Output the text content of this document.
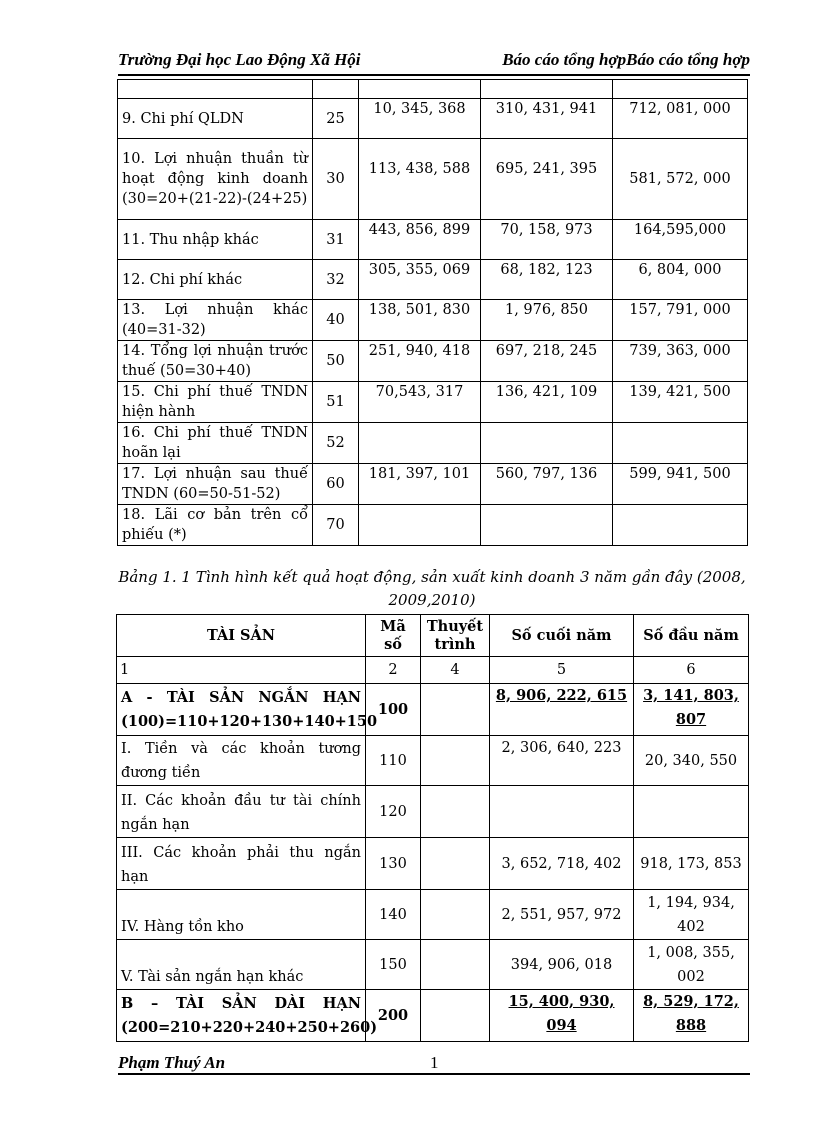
Trường Đại học Lao Động Xã Hội	Báo cáo tổng hợpBáo cáo tổng hợp

9. Chi phí QLDN	25	10, 345, 368	310, 431, 941	712, 081, 000
10. Lợi nhuận thuần từ hoạt động kinh doanh (30=20+(21-22)-(24+25)	30	113, 438, 588	695, 241, 395	581, 572, 000
11. Thu nhập khác	31	443, 856, 899	70, 158, 973	164,595,000
12. Chi phí khác	32	305, 355, 069	68, 182, 123	6, 804, 000
13. Lợi nhuận khác (40=31-32)	40	138, 501, 830	1, 976, 850	157, 791, 000
14. Tổng lợi nhuận trước thuế (50=30+40)	50	251, 940, 418	697, 218, 245	739, 363, 000
15. Chi phí thuế TNDN hiện hành	51	70,543, 317	136, 421, 109	139, 421, 500
16. Chi phí thuế TNDN hoãn lại	52			
17. Lợi nhuận sau thuế TNDN (60=50-51-52)	60	181, 397, 101	560, 797, 136	599, 941, 500
18. Lãi cơ bản trên cổ phiếu (*)	70			
Bảng 1. 1 Tình hình kết quả hoạt động, sản xuất kinh doanh 3 năm gần đây (2008, 2009,2010)
TÀI SẢN	Mã số	Thuyết trình	Số cuối năm	Số đầu năm
1	2	4	5	6
A - TÀI SẢN NGẮN HẠN (100)=110+120+130+140+150	100		8, 906, 222, 615	3, 141, 803, 807
I. Tiền và các khoản tương đương tiền	110		2, 306, 640, 223	20, 340, 550
II. Các khoản đầu tư tài chính ngắn hạn	120			
III. Các khoản phải thu ngắn hạn	130		3, 652, 718, 402	918, 173, 853
IV. Hàng tồn kho	140		2, 551, 957, 972	1, 194, 934, 402
V. Tài sản ngắn hạn khác	150		394, 906, 018	1, 008, 355, 002
B – TÀI SẢN DÀI HẠN (200=210+220+240+250+260)	200		15, 400, 930, 094	8, 529, 172, 888
Phạm Thuý An	1
